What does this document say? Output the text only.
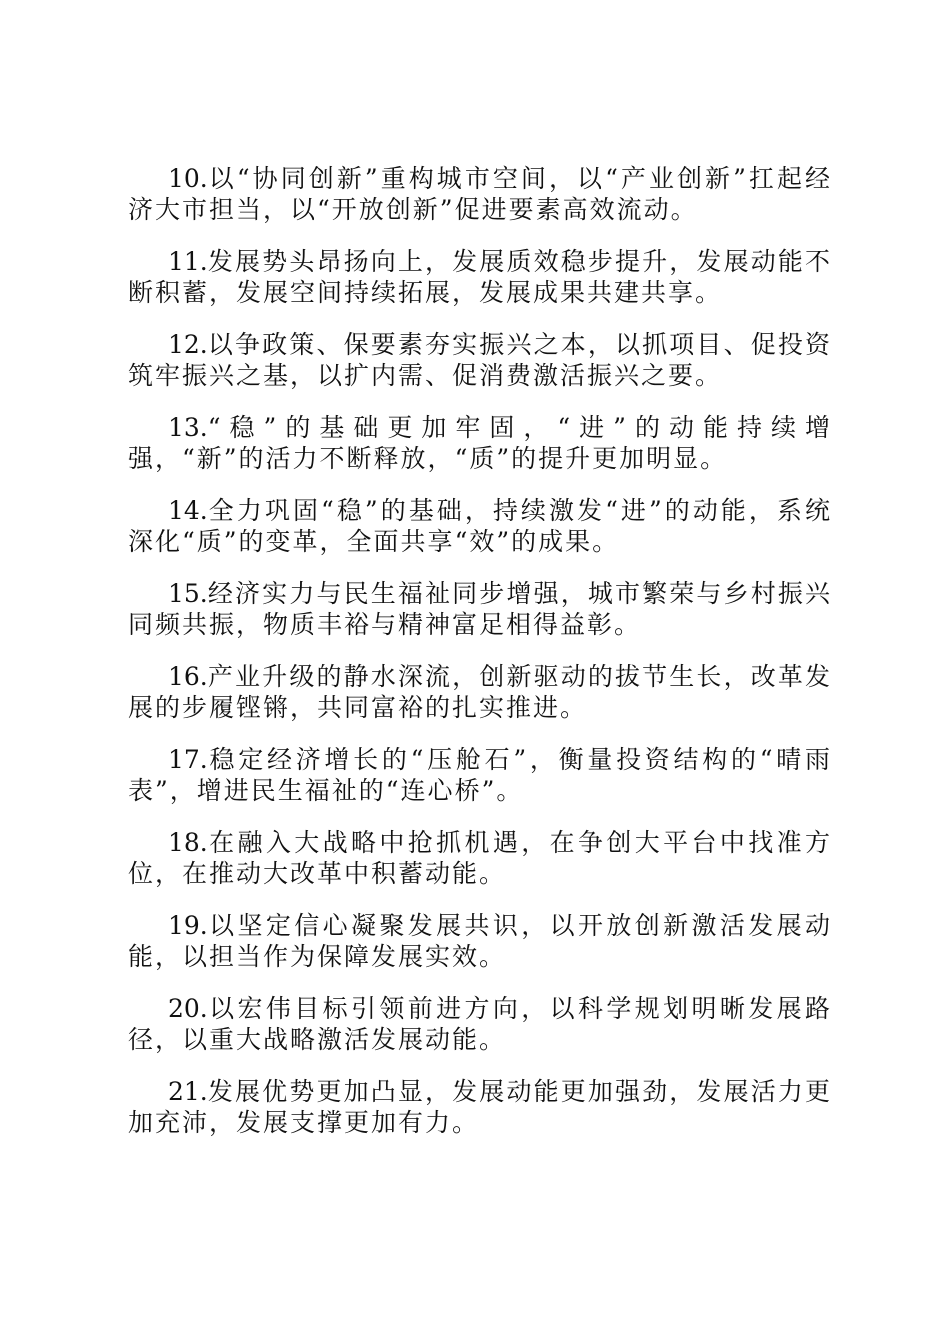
10.以“协同创新”重构城市空间，以“产业创新”扛起经济大市担当，以“开放创新”促进要素高效流动。

11.发展势头昂扬向上，发展质效稳步提升，发展动能不断积蓄，发展空间持续拓展，发展成果共建共享。

12.以争政策、保要素夯实振兴之本，以抓项目、促投资筑牢振兴之基，以扩内需、促消费激活振兴之要。

13.“稳”的基础更加牢固，“进”的动能持续增强，“新”的活力不断释放，“质”的提升更加明显。

14.全力巩固“稳”的基础，持续激发“进”的动能，系统深化“质”的变革，全面共享“效”的成果。

15.经济实力与民生福祉同步增强，城市繁荣与乡村振兴同频共振，物质丰裕与精神富足相得益彰。

16.产业升级的静水深流，创新驱动的拔节生长，改革发展的步履铿锵，共同富裕的扎实推进。

17.稳定经济增长的“压舱石”，衡量投资结构的“晴雨表”，增进民生福祉的“连心桥”。

18.在融入大战略中抢抓机遇，在争创大平台中找准方位，在推动大改革中积蓄动能。

19.以坚定信心凝聚发展共识，以开放创新激活发展动能，以担当作为保障发展实效。

20.以宏伟目标引领前进方向，以科学规划明晰发展路径，以重大战略激活发展动能。

21.发展优势更加凸显，发展动能更加强劲，发展活力更加充沛，发展支撑更加有力。
